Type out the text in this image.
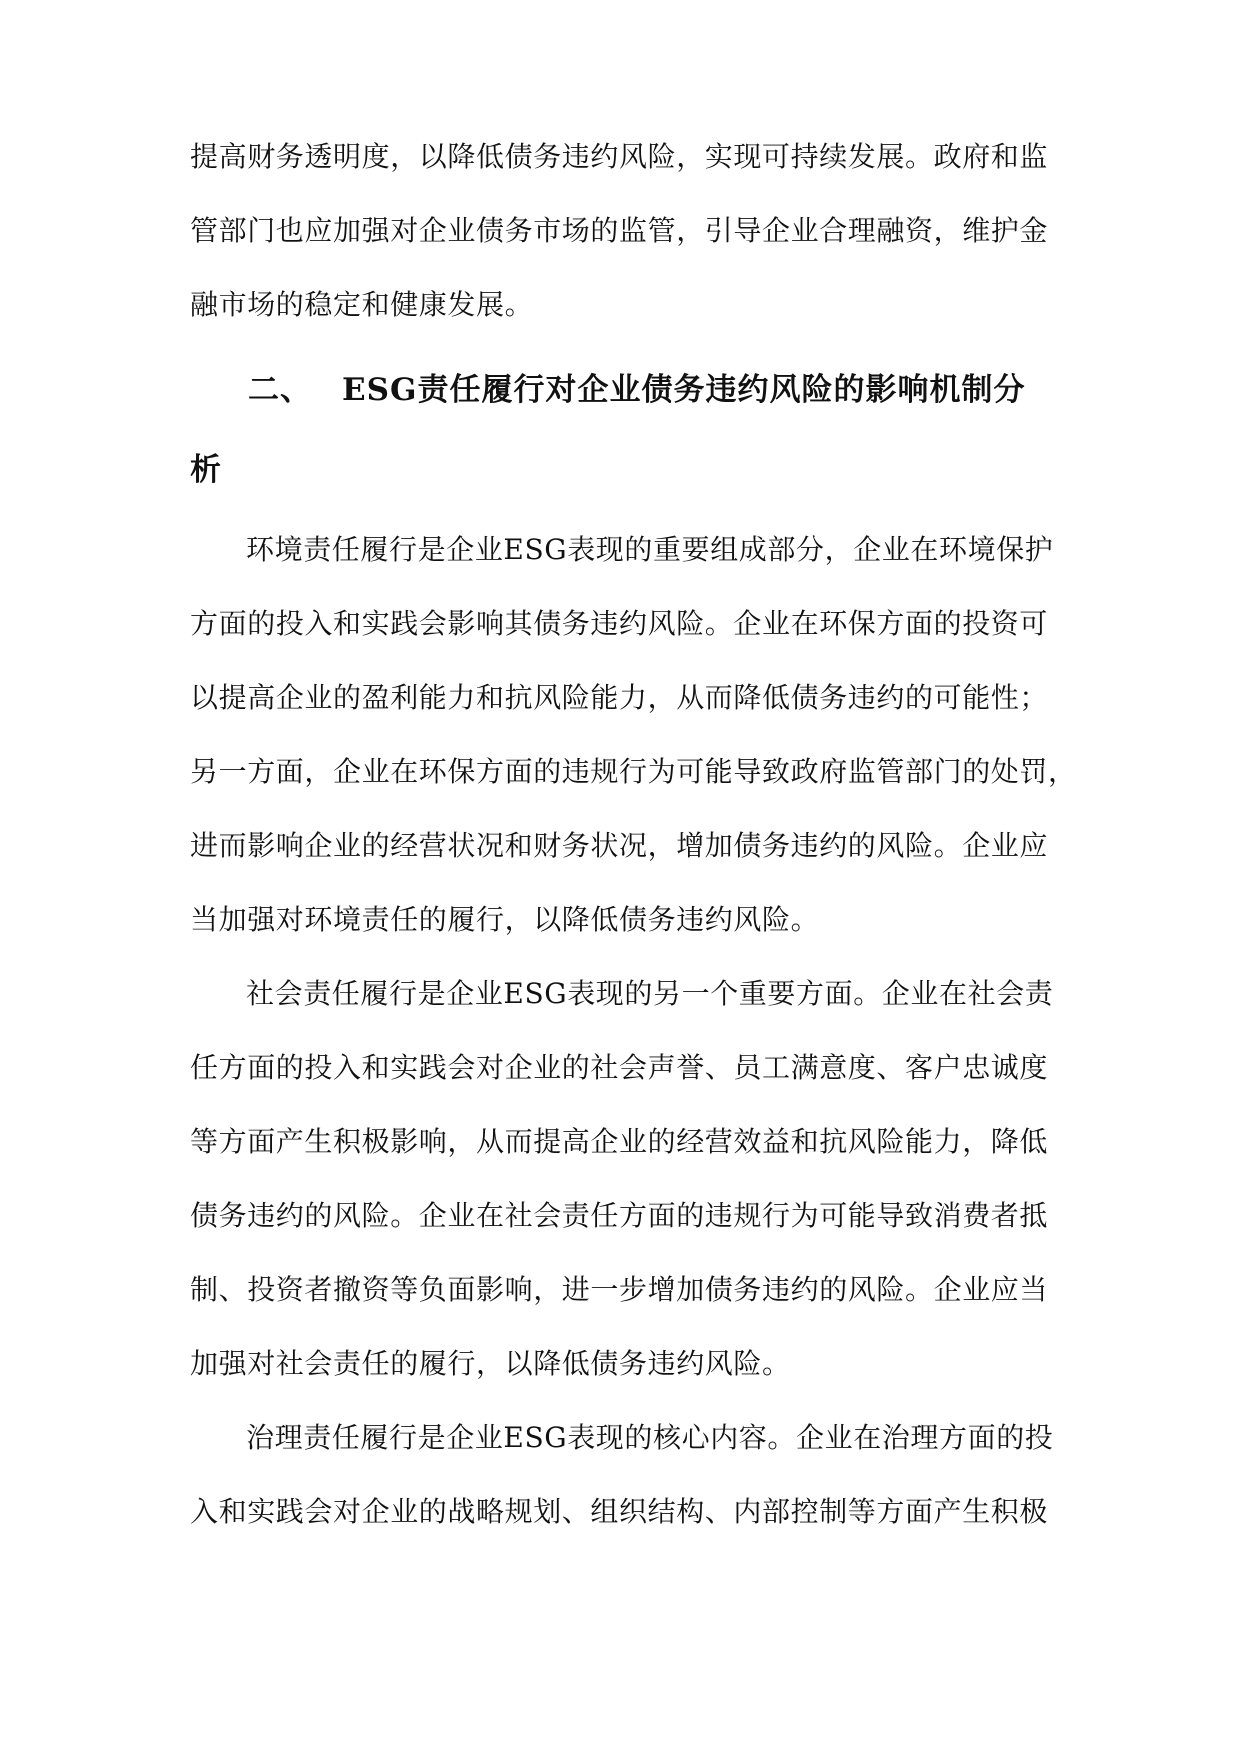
提高财务透明度，以降低债务违约风险，实现可持续发展。政府和监
管部门也应加强对企业债务市场的监管，引导企业合理融资，维护金
融市场的稳定和健康发展。
二、 ESG责任履行对企业债务违约风险的影响机制分
析
环境责任履行是企业ESG表现的重要组成部分，企业在环境保护
方面的投入和实践会影响其债务违约风险。企业在环保方面的投资可
以提高企业的盈利能力和抗风险能力，从而降低债务违约的可能性；
另一方面，企业在环保方面的违规行为可能导致政府监管部门的处罚，
进而影响企业的经营状况和财务状况，增加债务违约的风险。企业应
当加强对环境责任的履行，以降低债务违约风险。
社会责任履行是企业ESG表现的另一个重要方面。企业在社会责
任方面的投入和实践会对企业的社会声誉、员工满意度、客户忠诚度
等方面产生积极影响，从而提高企业的经营效益和抗风险能力，降低
债务违约的风险。企业在社会责任方面的违规行为可能导致消费者抵
制、投资者撤资等负面影响，进一步增加债务违约的风险。企业应当
加强对社会责任的履行，以降低债务违约风险。
治理责任履行是企业ESG表现的核心内容。企业在治理方面的投
入和实践会对企业的战略规划、组织结构、内部控制等方面产生积极
